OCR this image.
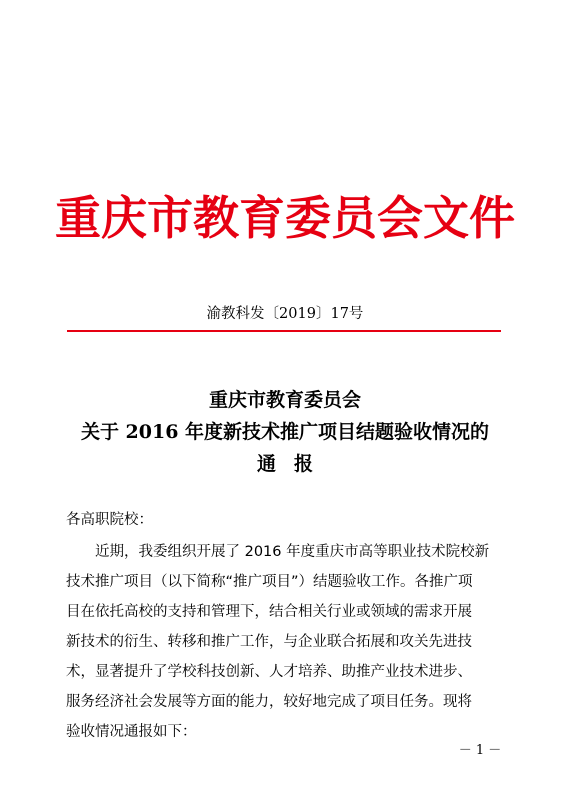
重庆市教育委员会文件
渝教科发〔2019〕17号
重庆市教育委员会
关于 2016 年度新技术推广项目结题验收情况的
通报
各高职院校：
近期，我委组织开展了 2016 年度重庆市高等职业技术院校新
技术推广项目（以下简称“推广项目”）结题验收工作。各推广项
目在依托高校的支持和管理下，结合相关行业或领域的需求开展
新技术的衍生、转移和推广工作，与企业联合拓展和攻关先进技
术，显著提升了学校科技创新、人才培养、助推产业技术进步、
服务经济社会发展等方面的能力，较好地完成了项目任务。现将
验收情况通报如下：
－ 1 －
